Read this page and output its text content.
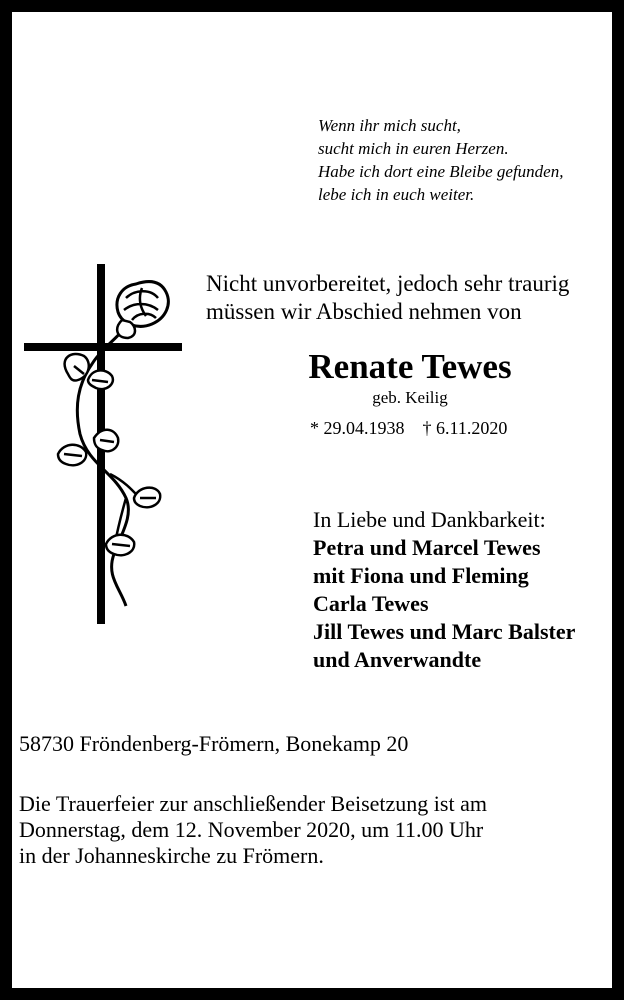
Wenn ihr mich sucht,
sucht mich in euren Herzen.
Habe ich dort eine Bleibe gefunden,
lebe ich in euch weiter.
Nicht unvorbereitet, jedoch sehr traurig
müssen wir Abschied nehmen von
Renate Tewes
geb. Keilig
* 29.04.1938 † 6.11.2020
In Liebe und Dankbarkeit:
Petra und Marcel Tewes
mit Fiona und Fleming
Carla Tewes
Jill Tewes und Marc Balster
und Anverwandte
58730 Fröndenberg-Frömern, Bonekamp 20
Die Trauerfeier zur anschließender Beisetzung ist am
Donnerstag, dem 12. November 2020, um 11.00 Uhr
in der Johanneskirche zu Frömern.
